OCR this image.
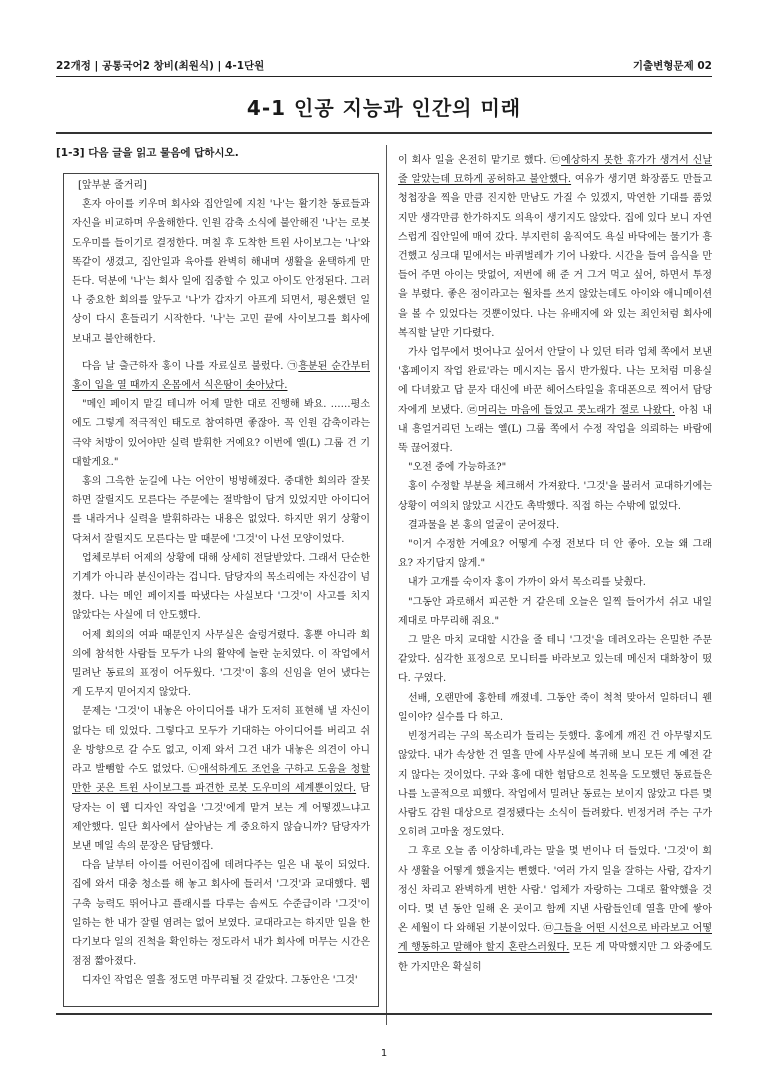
22개정 | 공통국어2 창비(최원식) | 4-1단원	기출변형문제 02
4-1 인공 지능과 인간의 미래
[1-3] 다음 글을 읽고 물음에 답하시오.

[앞부분 줄거리]

혼자 아이를 키우며 회사와 집안일에 지친 '나'는 활기찬 동료들과 자신을 비교하며 우울해한다. 인원 감축 소식에 불안해진 '나'는 로봇 도우미를 들이기로 결정한다. 며칠 후 도착한 트윈 사이보그는 '나'와 똑같이 생겼고, 집안일과 육아를 완벽히 해내며 생활을 윤택하게 만든다. 덕분에 '나'는 회사 일에 집중할 수 있고 아이도 안정된다. 그러나 중요한 회의를 앞두고 '나'가 갑자기 아프게 되면서, 평온했던 일상이 다시 흔들리기 시작한다. '나'는 고민 끝에 사이보그를 회사에 보내고 불안해한다.

다음 날 출근하자 홍이 나를 자료실로 불렀다. ㉠흥분된 순간부터 홍이 입을 열 때까지 온몸에서 식은땀이 솟아났다.

"메인 페이지 맡길 테니까 어제 말한 대로 진행해 봐요. ……평소에도 그렇게 적극적인 태도로 참여하면 좋잖아. 꼭 인원 감축이라는 극약 처방이 있어야만 실력 발휘한 거예요? 이번에 옐(L) 그룹 건 기대할게요."

홍의 그윽한 눈길에 나는 어안이 벙벙해졌다. 중대한 회의라 잘못하면 잘릴지도 모른다는 주문에는 절박함이 담겨 있었지만 아이디어를 내라거나 실력을 발휘하라는 내용은 없었다. 하지만 위기 상황이 닥쳐서 잘릴지도 모른다는 말 때문에 '그것'이 나선 모양이었다.

업체로부터 어제의 상황에 대해 상세히 전달받았다. 그래서 단순한 기계가 아니라 분신이라는 겁니다. 담당자의 목소리에는 자신감이 넘쳤다. 나는 메인 페이지를 따냈다는 사실보다 '그것'이 사고를 치지 않았다는 사실에 더 안도했다.

어제 회의의 여파 때문인지 사무실은 술렁거렸다. 홍뿐 아니라 회의에 참석한 사람들 모두가 나의 활약에 놀란 눈치였다. 이 작업에서 밀려난 동료의 표정이 어두웠다. '그것'이 홍의 신임을 얻어 냈다는 게 도무지 믿어지지 않았다.

문제는 '그것'이 내놓은 아이디어를 내가 도저히 표현해 낼 자신이 없다는 데 있었다. 그렇다고 모두가 기대하는 아이디어를 버리고 쉬운 방향으로 갈 수도 없고, 이제 와서 그건 내가 내놓은 의견이 아니라고 발뺌할 수도 없었다. ㉡애석하게도 조언을 구하고 도움을 청할 만한 곳은 트윈 사이보그를 파견한 로봇 도우미의 세계뿐이었다. 담당자는 이 웹 디자인 작업을 '그것'에게 맡겨 보는 게 어떻겠느냐고 제안했다. 일단 회사에서 살아남는 게 중요하지 않습니까? 담당자가 보낸 메일 속의 문장은 담담했다.

다음 날부터 아이를 어린이집에 데려다주는 일은 내 몫이 되었다. 집에 와서 대충 청소를 해 놓고 회사에 들러서 '그것'과 교대했다. 웹 구축 능력도 뛰어나고 플래시를 다루는 솜씨도 수준급이라 '그것'이 일하는 한 내가 잘릴 염려는 없어 보였다. 교대라고는 하지만 일을 한다기보다 일의 진척을 확인하는 정도라서 내가 회사에 머무는 시간은 점점 짧아졌다.

디자인 작업은 열흘 정도면 마무리될 것 같았다. 그동안은 '그것'

이 회사 일을 온전히 맡기로 했다. ㉢예상하지 못한 휴가가 생겨서 신날 줄 알았는데 묘하게 공허하고 불안했다. 여유가 생기면 화장품도 만들고 청첩장을 찍을 만큼 진지한 만남도 가질 수 있겠지, 막연한 기대를 품었지만 생각만큼 한가하지도 의욕이 생기지도 않았다. 집에 있다 보니 자연스럽게 집안일에 매여 갔다. 부지런히 움직여도 욕실 바닥에는 물기가 흥건했고 싱크대 밑에서는 바퀴벌레가 기어 나왔다. 시간을 들여 음식을 만들어 주면 아이는 맛없어, 저번에 해 준 거 그거 먹고 싶어, 하면서 투정을 부렸다. 좋은 점이라고는 월차를 쓰지 않았는데도 아이와 애니메이션을 볼 수 있었다는 것뿐이었다. 나는 유배지에 와 있는 죄인처럼 회사에 복직할 날만 기다렸다.

가사 업무에서 벗어나고 싶어서 안달이 나 있던 터라 업체 쪽에서 보낸 '홈페이지 작업 완료'라는 메시지는 몹시 반가웠다. 나는 모처럼 미용실에 다녀왔고 답 문자 대신에 바꾼 헤어스타일을 휴대폰으로 찍어서 담당자에게 보냈다. ㉣머리는 마음에 들었고 콧노래가 절로 나왔다. 아침 내내 흥얼거리던 노래는 옐(L) 그룹 쪽에서 수정 작업을 의뢰하는 바람에 뚝 끊어졌다.

"오전 중에 가능하죠?"

홍이 수정할 부분을 체크해서 가져왔다. '그것'을 불러서 교대하기에는 상황이 여의치 않았고 시간도 촉박했다. 직접 하는 수밖에 없었다.

결과물을 본 홍의 얼굴이 굳어졌다.

"이거 수정한 거예요? 어떻게 수정 전보다 더 안 좋아. 오늘 왜 그래요? 자기답지 않게."

내가 고개를 숙이자 홍이 가까이 와서 목소리를 낮췄다.

"그동안 과로해서 피곤한 거 같은데 오늘은 일찍 들어가서 쉬고 내일 제대로 마무리해 줘요."

그 말은 마치 교대할 시간을 줄 테니 '그것'을 데려오라는 은밀한 주문 같았다. 심각한 표정으로 모니터를 바라보고 있는데 메신저 대화창이 떴다. 구였다.

선배, 오랜만에 홍한테 깨졌네. 그동안 죽이 척척 맞아서 일하더니 웬일이야? 실수를 다 하고.

빈정거리는 구의 목소리가 들리는 듯했다. 홍에게 깨진 건 아무렇지도 않았다. 내가 속상한 건 열흘 만에 사무실에 복귀해 보니 모든 게 예전 같지 않다는 것이었다. 구와 홍에 대한 험담으로 친목을 도모했던 동료들은 나를 노골적으로 피했다. 작업에서 밀려난 동료는 보이지 않았고 다른 몇 사람도 감원 대상으로 결정됐다는 소식이 들려왔다. 빈정거려 주는 구가 오히려 고마울 정도였다.

그 후로 오늘 좀 이상하네,라는 말을 몇 번이나 더 들었다. '그것'이 회사 생활을 어떻게 했을지는 뻔했다. '여러 가지 일을 잘하는 사람, 갑자기 정신 차리고 완벽하게 변한 사람.' 업체가 자랑하는 그대로 활약했을 것이다. 몇 년 동안 일해 온 곳이고 함께 지낸 사람들인데 열흘 만에 쌓아 온 세월이 다 와해된 기분이었다. ㉤그들을 어떤 시선으로 바라보고 어떻게 행동하고 말해야 할지 혼란스러웠다. 모든 게 막막했지만 그 와중에도 한 가지만은 확실히

1
